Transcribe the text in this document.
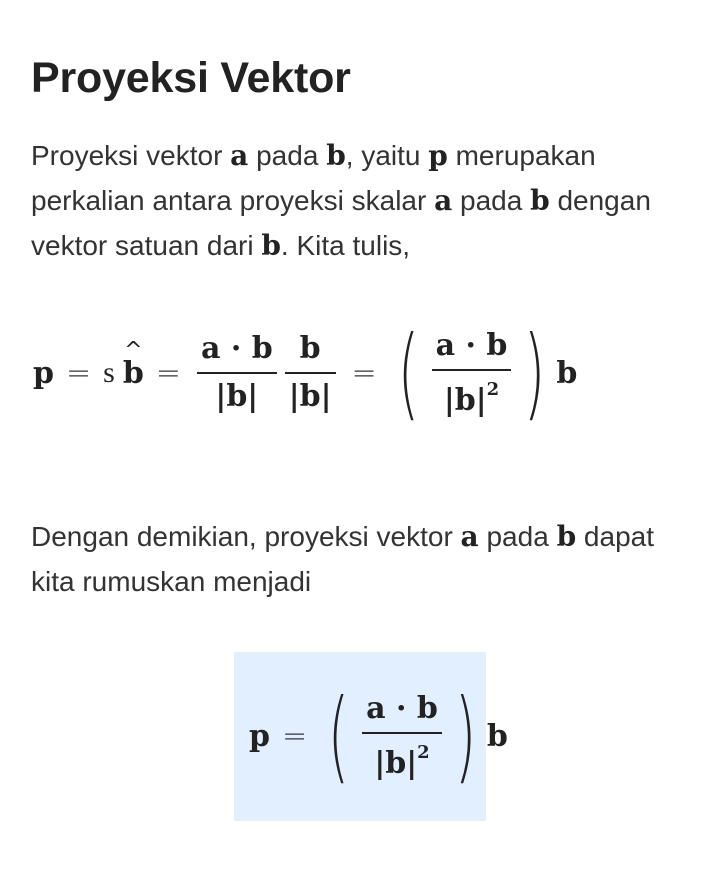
Proyeksi Vektor

Proyeksi vektor a pada b, yaitu p merupakan perkalian antara proyeksi skalar a pada b dengan vektor satuan dari b. Kita tulis,

p = s
^ $b = \frac{a \cdot b}{|b|} \frac{b}{|b|}$ = ( $\frac{a \cdot b}{|b|^2}$ ) b

Dengan demikian, proyeksi vektor a pada b dapat kita rumuskan menjadi

p = ( $\frac{a \cdot b}{|b|^2}$ ) b
